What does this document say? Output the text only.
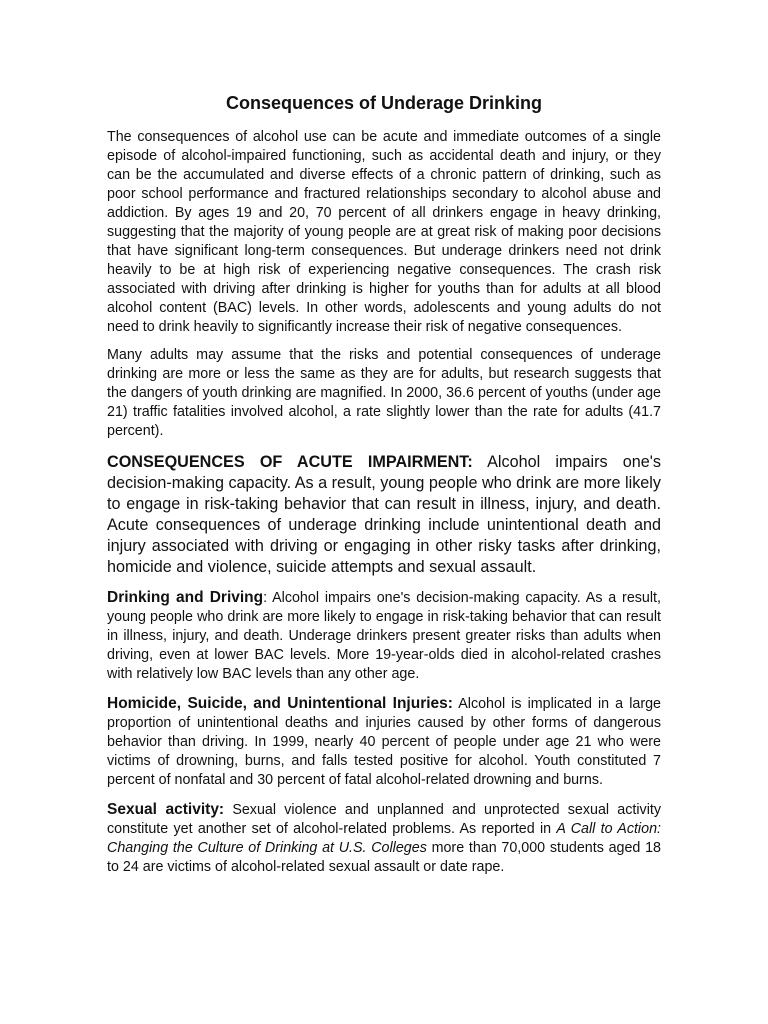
Consequences of Underage Drinking

The consequences of alcohol use can be acute and immediate outcomes of a single episode of alcohol-impaired functioning, such as accidental death and injury, or they can be the accumulated and diverse effects of a chronic pattern of drinking, such as poor school performance and fractured relationships secondary to alcohol abuse and addiction. By ages 19 and 20, 70 percent of all drinkers engage in heavy drinking, suggesting that the majority of young people are at great risk of making poor decisions that have significant long-term consequences. But underage drinkers need not drink heavily to be at high risk of experiencing negative consequences. The crash risk associated with driving after drinking is higher for youths than for adults at all blood alcohol content (BAC) levels. In other words, adolescents and young adults do not need to drink heavily to significantly increase their risk of negative consequences.

Many adults may assume that the risks and potential consequences of underage drinking are more or less the same as they are for adults, but research suggests that the dangers of youth drinking are magnified. In 2000, 36.6 percent of youths (under age 21) traffic fatalities involved alcohol, a rate slightly lower than the rate for adults (41.7 percent).

CONSEQUENCES OF ACUTE IMPAIRMENT: Alcohol impairs one's decision-making capacity. As a result, young people who drink are more likely to engage in risk-taking behavior that can result in illness, injury, and death. Acute consequences of underage drinking include unintentional death and injury associated with driving or engaging in other risky tasks after drinking, homicide and violence, suicide attempts and sexual assault.

Drinking and Driving: Alcohol impairs one's decision-making capacity. As a result, young people who drink are more likely to engage in risk-taking behavior that can result in illness, injury, and death. Underage drinkers present greater risks than adults when driving, even at lower BAC levels. More 19-year-olds died in alcohol-related crashes with relatively low BAC levels than any other age.

Homicide, Suicide, and Unintentional Injuries: Alcohol is implicated in a large proportion of unintentional deaths and injuries caused by other forms of dangerous behavior than driving. In 1999, nearly 40 percent of people under age 21 who were victims of drowning, burns, and falls tested positive for alcohol. Youth constituted 7 percent of nonfatal and 30 percent of fatal alcohol-related drowning and burns.

Sexual activity: Sexual violence and unplanned and unprotected sexual activity constitute yet another set of alcohol-related problems. As reported in A Call to Action: Changing the Culture of Drinking at U.S. Colleges more than 70,000 students aged 18 to 24 are victims of alcohol-related sexual assault or date rape.
